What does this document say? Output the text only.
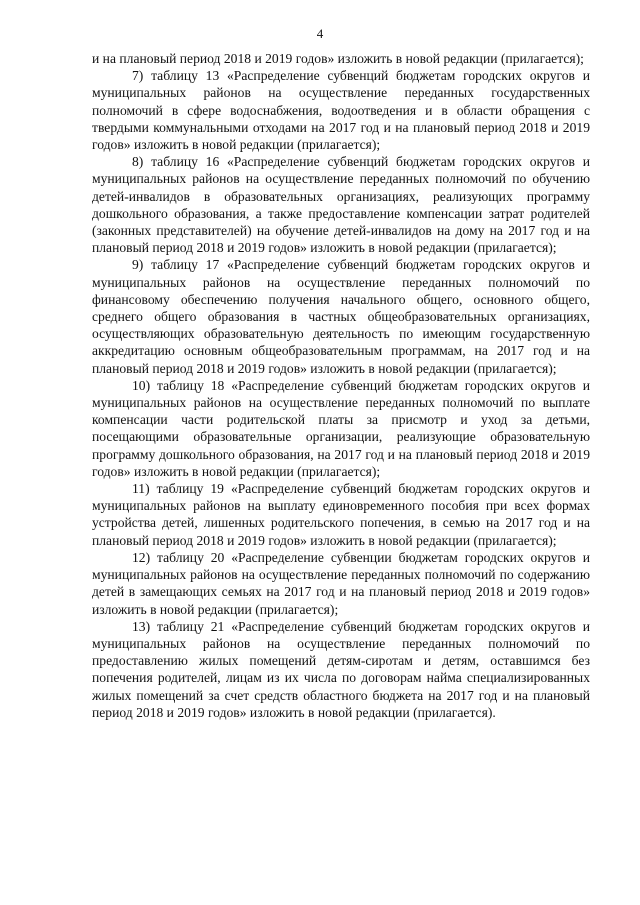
4

и на плановый период 2018 и 2019 годов» изложить в новой редакции (прилагается);

7) таблицу 13 «Распределение субвенций бюджетам городских округов и муниципальных районов на осуществление переданных государственных полномочий в сфере водоснабжения, водоотведения и в области обращения с твердыми коммунальными отходами на 2017 год и на плановый период 2018 и 2019 годов» изложить в новой редакции (прилагается);

8) таблицу 16 «Распределение субвенций бюджетам городских округов и муниципальных районов на осуществление переданных полномочий по обучению детей-инвалидов в образовательных организациях, реализующих программу дошкольного образования, а также предоставление компенсации затрат родителей (законных представителей) на обучение детей-инвалидов на дому на 2017 год и на плановый период 2018 и 2019 годов» изложить в новой редакции (прилагается);

9) таблицу 17 «Распределение субвенций бюджетам городских округов и муниципальных районов на осуществление переданных полномочий по финансовому обеспечению получения начального общего, основного общего, среднего общего образования в частных общеобразовательных организациях, осуществляющих образовательную деятельность по имеющим государственную аккредитацию основным общеобразовательным программам, на 2017 год и на плановый период 2018 и 2019 годов» изложить в новой редакции (прилагается);

10) таблицу 18 «Распределение субвенций бюджетам городских округов и муниципальных районов на осуществление переданных полномочий по выплате компенсации части родительской платы за присмотр и уход за детьми, посещающими образовательные организации, реализующие образовательную программу дошкольного образования, на 2017 год и на плановый период 2018 и 2019 годов» изложить в новой редакции (прилагается);

11) таблицу 19 «Распределение субвенций бюджетам городских округов и муниципальных районов на выплату единовременного пособия при всех формах устройства детей, лишенных родительского попечения, в семью на 2017 год и на плановый период 2018 и 2019 годов» изложить в новой редакции (прилагается);

12) таблицу 20 «Распределение субвенции бюджетам городских округов и муниципальных районов на осуществление переданных полномочий по содержанию детей в замещающих семьях на 2017 год и на плановый период 2018 и 2019 годов» изложить в новой редакции (прилагается);

13) таблицу 21 «Распределение субвенций бюджетам городских округов и муниципальных районов на осуществление переданных полномочий по предоставлению жилых помещений детям-сиротам и детям, оставшимся без попечения родителей, лицам из их числа по договорам найма специализированных жилых помещений за счет средств областного бюджета на 2017 год и на плановый период 2018 и 2019 годов» изложить в новой редакции (прилагается).
